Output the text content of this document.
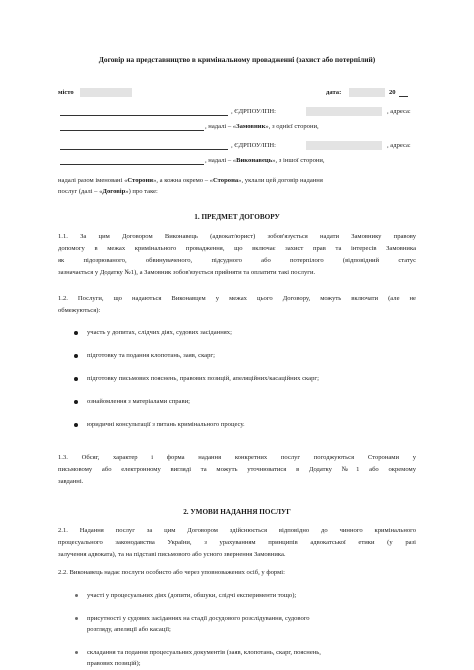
Договір на представництво в кримінальному провадженні (захист або потерпілий)
місто	дата:	20
, ЄДРПОУ/ІПН:	, адреса:
, надалі – «Замовник», з однієї сторони,
, ЄДРПОУ/ІПН:	, адреса:
, надалі – «Виконавець», з іншої сторони,
надалі разом іменовані «Сторони», а кожна окремо – «Сторона», уклали цей договір надання
послуг (далі – «Договір») про таке:
1. ПРЕДМЕТ ДОГОВОРУ
1.1. За цим Договором Виконавець (адвокат/юрист) зобов'язується надати Замовнику правову
допомогу в межах кримінального провадження, що включає захист прав та інтересів Замовника
як підозрюваного, обвинуваченого, підсудного або потерпілого (відповідний статус
зазначається у Додатку №1), а Замовник зобов'язується прийняти та оплатити такі послуги.
1.2. Послуги, що надаються Виконавцем у межах цього Договору, можуть включати (але не
обмежуються):
участь у допитах, слідчих діях, судових засіданнях;
підготовку та подання клопотань, заяв, скарг;
підготовку письмових пояснень, правових позицій, апеляційних/касаційних скарг;
ознайомлення з матеріалами справи;
юридичні консультації з питань кримінального процесу.
1.3. Обсяг, характер і форма надання конкретних послуг погоджуються Сторонами у
письмовому або електронному вигляді та можуть уточнюватися в Додатку №1 або окремому
завданні.
2. УМОВИ НАДАННЯ ПОСЛУГ
2.1. Надання послуг за цим Договором здійснюється відповідно до чинного кримінального
процесуального законодавства України, з урахуванням принципів адвокатської етики (у разі
залучення адвоката), та на підставі письмового або усного звернення Замовника.
2.2. Виконавець надає послуги особисто або через уповноважених осіб, у формі:
участі у процесуальних діях (допити, обшуки, слідчі експерименти тощо);
присутності у судових засіданнях на стадії досудового розслідування, судового
розгляду, апеляції або касації;
складання та подання процесуальних документів (заяв, клопотань, скарг, пояснень,
правових позицій);
